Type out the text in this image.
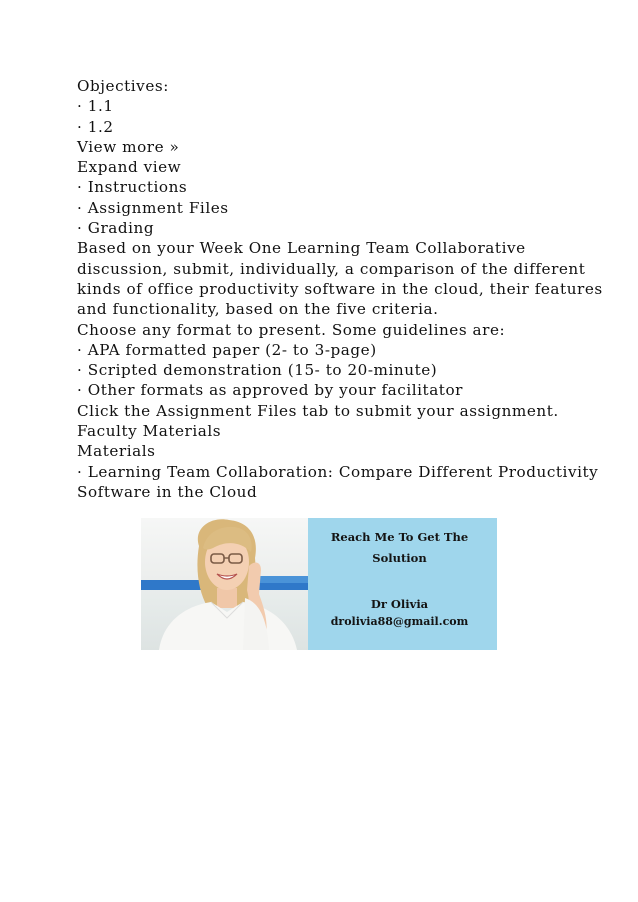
Objectives:
· 1.1
· 1.2
View more »
Expand view
· Instructions
· Assignment Files
· Grading
Based on your Week One Learning Team Collaborative
discussion, submit, individually, a comparison of the different
kinds of office productivity software in the cloud, their features
and functionality, based on the five criteria.
Choose any format to present. Some guidelines are:
· APA formatted paper (2- to 3-page)
· Scripted demonstration (15- to 20-minute)
· Other formats as approved by your facilitator
Click the Assignment Files tab to submit your assignment.
Faculty Materials
Materials
· Learning Team Collaboration: Compare Different Productivity
Software in the Cloud
Reach Me To Get The
Solution
Dr Olivia
drolivia88@gmail.com
